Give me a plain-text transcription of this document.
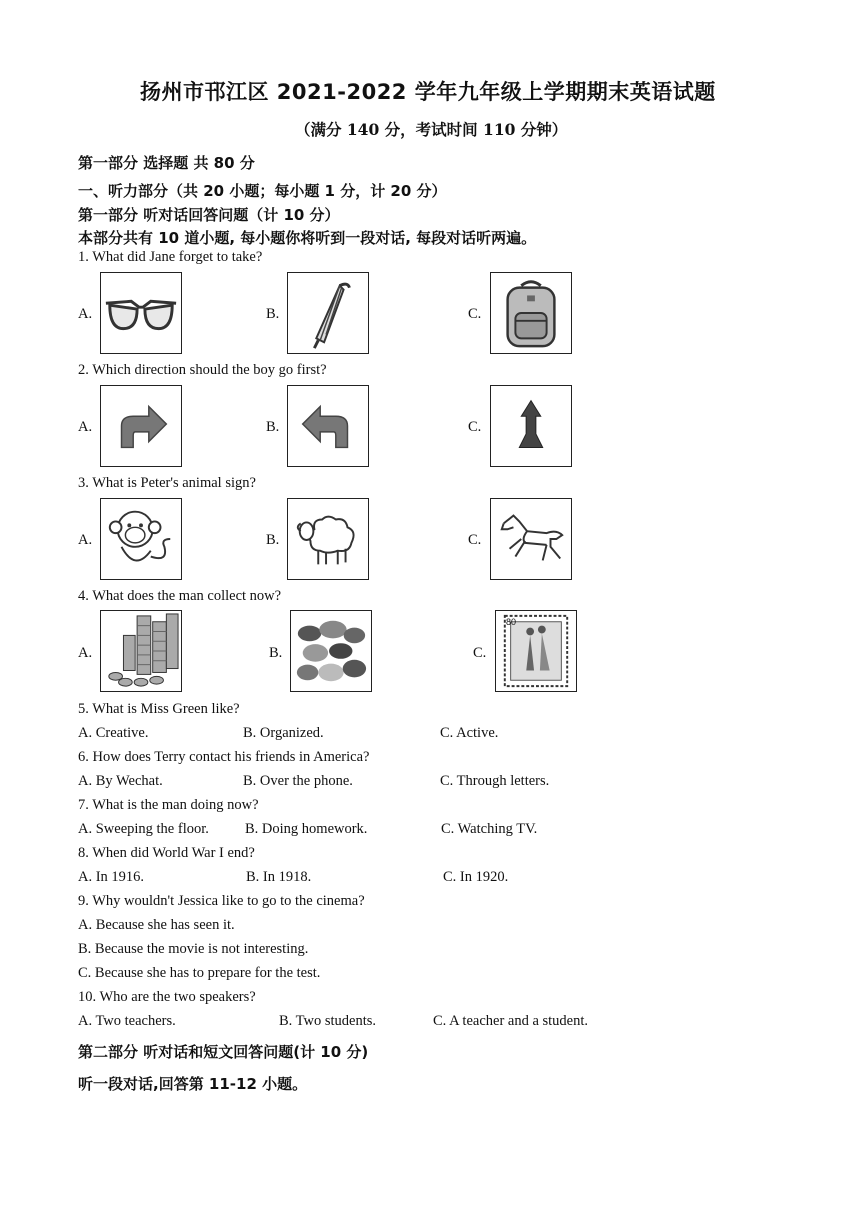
扬州市邗江区 2021-2022 学年九年级上学期期末英语试题
（满分 140 分，考试时间 110 分钟）
第一部分 选择题 共 80 分
一、听力部分（共 20 小题；每小题 1 分，计 20 分）
第一部分 听对话回答问题（计 10 分）
本部分共有 10 道小题, 每小题你将听到一段对话, 每段对话听两遍。
1. What did Jane forget to take?
A.	B.	C.
2. Which direction should the boy go first?
A.	B.	C.
3. What is Peter's animal sign?
A.	B.	C.
4. What does the man collect now?
A.	B.	C.
80
5. What is Miss Green like?
A. Creative.	B. Organized.	C. Active.
6. How does Terry contact his friends in America?
A. By Wechat.	B. Over the phone.	C. Through letters.
7. What is the man doing now?
A. Sweeping the floor. B. Doing homework.	C. Watching TV.
8. When did World War I end?
A. In 1916.	B. In 1918.	C. In 1920.
9. Why wouldn't Jessica like to go to the cinema?
A. Because she has seen it.
B. Because the movie is not interesting.
C. Because she has to prepare for the test.
10. Who are the two speakers?
A. Two teachers.	B. Two students.	C. A teacher and a student.
第二部分 听对话和短文回答问题(计 10 分)
听一段对话,回答第 11-12 小题。
